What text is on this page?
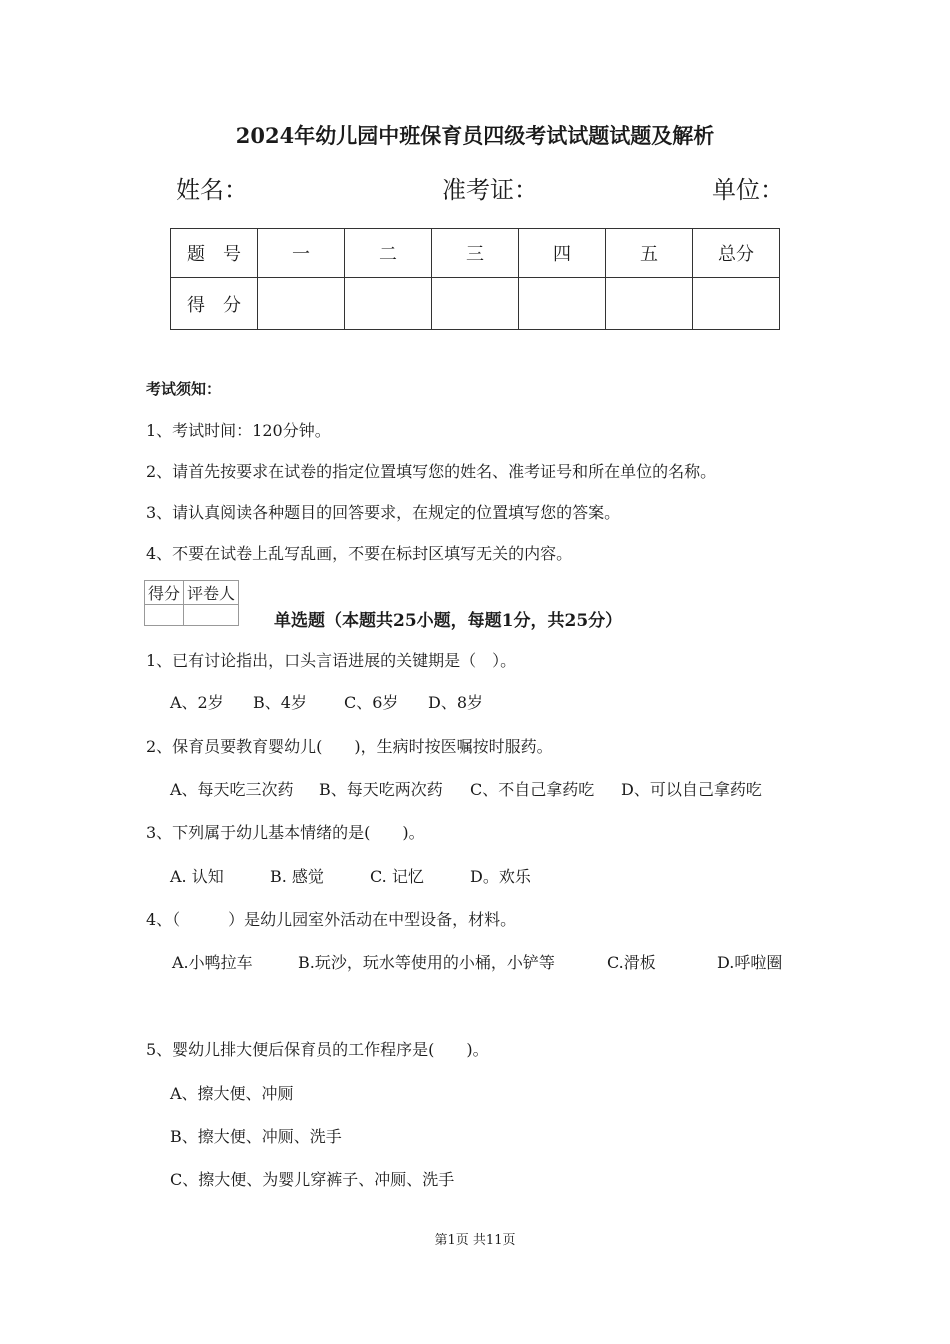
2024年幼儿园中班保育员四级考试试题试题及解析
姓名：	准考证：	单位：
题　号	一	二	三	四	五	总分
得　分						
考试须知：
1、考试时间：120分钟。
2、请首先按要求在试卷的指定位置填写您的姓名、准考证号和所在单位的名称。
3、请认真阅读各种题目的回答要求，在规定的位置填写您的答案。
4、不要在试卷上乱写乱画，不要在标封区填写无关的内容。
得分	评卷人

单选题（本题共25小题，每题1分，共25分）
1、已有讨论指出，口头言语进展的关键期是（　）。
A、2岁 B、4岁 C、6岁 D、8岁
2、保育员要教育婴幼儿(　　)，生病时按医嘱按时服药。
A、每天吃三次药 B、每天吃两次药 C、不自己拿药吃 D、可以自己拿药吃
3、下列属于幼儿基本情绪的是(　　)。
A. 认知	B. 感觉	C. 记忆	D。欢乐
4、（　　　）是幼儿园室外活动在中型设备，材料。
A.小鸭拉车	B.玩沙，玩水等使用的小桶，小铲等	C.滑板	D.呼啦圈
5、婴幼儿排大便后保育员的工作程序是(　　)。
A、擦大便、冲厕
B、擦大便、冲厕、洗手
C、擦大便、为婴儿穿裤子、冲厕、洗手
第1页 共11页
